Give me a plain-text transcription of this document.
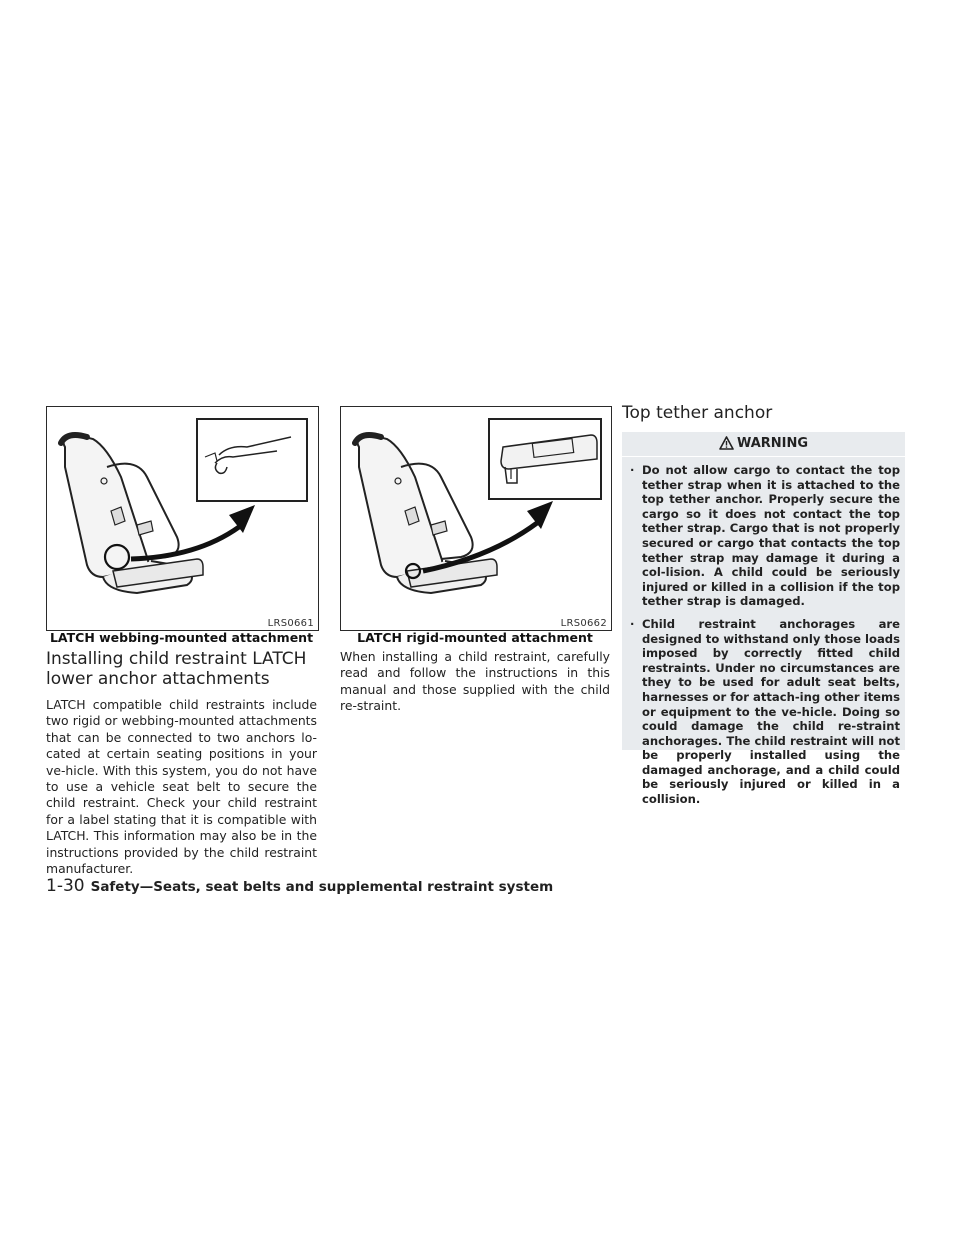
LRS0661
LATCH webbing-mounted attachment
LRS0662
LATCH rigid-mounted attachment
Installing child restraint LATCH
lower anchor attachments

LATCH compatible child restraints include two rigid or webbing-mounted attachments that can be connected to two anchors lo-cated at certain seating positions in your ve-hicle. With this system, you do not have to use a vehicle seat belt to secure the child restraint. Check your child restraint for a label stating that it is compatible with LATCH. This information may also be in the instructions provided by the child restraint manufacturer.

When installing a child restraint, carefully read and follow the instructions in this manual and those supplied with the child re-straint.

Top tether anchor
WARNING
· Do not allow cargo to contact the top tether strap when it is attached to the top tether anchor. Properly secure the cargo so it does not contact the top tether strap. Cargo that is not properly secured or cargo that contacts the top tether strap may damage it during a col-lision. A child could be seriously injured or killed in a collision if the top tether strap is damaged.
· Child restraint anchorages are designed to withstand only those loads imposed by correctly fitted child restraints. Under no circumstances are they to be used for adult seat belts, harnesses or for attach-ing other items or equipment to the ve-hicle. Doing so could damage the child re-straint anchorages. The child restraint will not be properly installed using the damaged anchorage, and a child could be seriously injured or killed in a collision.
1-30 Safety—Seats, seat belts and supplemental restraint system
